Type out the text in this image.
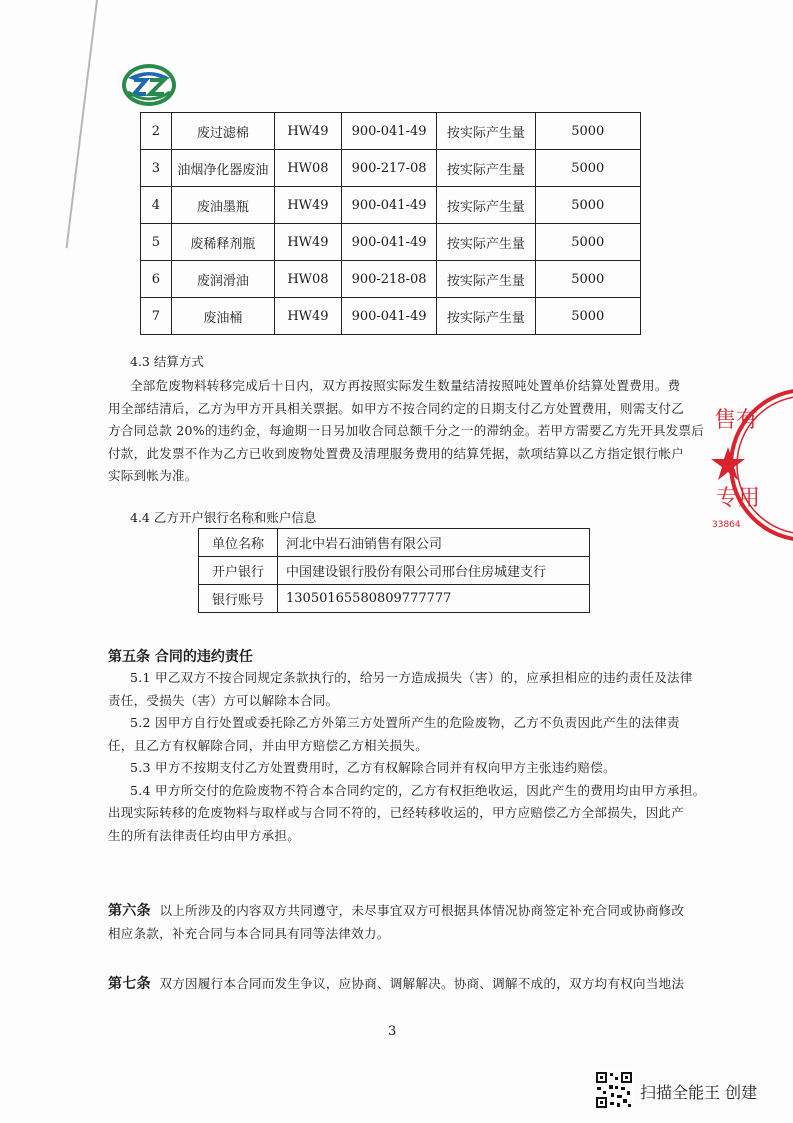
2	废过滤棉	HW49	900-041-49	按实际产生量	5000
3	油烟净化器废油	HW08	900-217-08	按实际产生量	5000
4	废油墨瓶	HW49	900-041-49	按实际产生量	5000
5	废稀释剂瓶	HW49	900-041-49	按实际产生量	5000
6	废润滑油	HW08	900-218-08	按实际产生量	5000
7	废油桶	HW49	900-041-49	按实际产生量	5000
4.3 结算方式
全部危废物料转移完成后十日内，双方再按照实际发生数量结清按照吨处置单价结算处置费用。费
用全部结清后，乙方为甲方开具相关票据。如甲方不按合同约定的日期支付乙方处置费用，则需支付乙
方合同总款 20%的违约金，每逾期一日另加收合同总额千分之一的滞纳金。若甲方需要乙方先开具发票后
付款，此发票不作为乙方已收到废物处置费及清理服务费用的结算凭据，款项结算以乙方指定银行帐户
实际到帐为准。
4.4 乙方开户银行名称和账户信息
单位名称	河北中岩石油销售有限公司
开户银行	中国建设银行股份有限公司邢台住房城建支行
银行账号	13050165580809777777
第五条 合同的违约责任
5.1 甲乙双方不按合同规定条款执行的，给另一方造成损失（害）的，应承担相应的违约责任及法律
责任，受损失（害）方可以解除本合同。
5.2 因甲方自行处置或委托除乙方外第三方处置所产生的危险废物，乙方不负责因此产生的法律责
任，且乙方有权解除合同，并由甲方赔偿乙方相关损失。
5.3 甲方不按期支付乙方处置费用时，乙方有权解除合同并有权向甲方主张违约赔偿。
5.4 甲方所交付的危险废物不符合本合同约定的，乙方有权拒绝收运，因此产生的费用均由甲方承担。
出现实际转移的危废物料与取样或与合同不符的，已经转移收运的，甲方应赔偿乙方全部损失，因此产
生的所有法律责任均由甲方承担。
第六条 以上所涉及的内容双方共同遵守，未尽事宜双方可根据具体情况协商签定补充合同或协商修改
相应条款，补充合同与本合同具有同等法律效力。
第七条 双方因履行本合同而发生争议，应协商、调解解决。协商、调解不成的，双方均有权向当地法
3
售有
专用
33864
扫描全能王 创建
